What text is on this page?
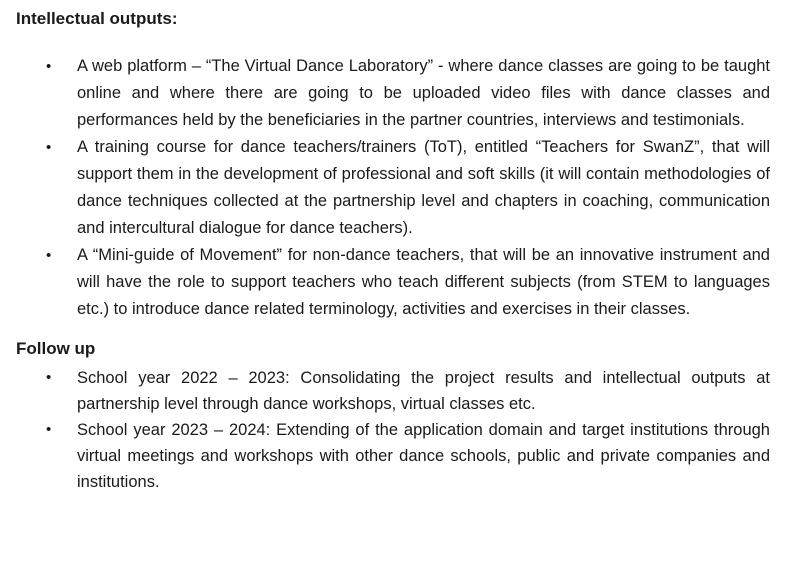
Intellectual outputs:
• A web platform – “The Virtual Dance Laboratory” - where dance classes are going to be taught online and where there are going to be uploaded video files with dance classes and performances held by the beneficiaries in the partner countries, interviews and testimonials.
• A training course for dance teachers/trainers (ToT), entitled “Teachers for SwanZ”, that will support them in the development of professional and soft skills (it will contain methodologies of dance techniques collected at the partnership level and chapters in coaching, communication and intercultural dialogue for dance teachers).
• A “Mini-guide of Movement” for non-dance teachers, that will be an innovative instrument and will have the role to support teachers who teach different subjects (from STEM to languages etc.) to introduce dance related terminology, activities and exercises in their classes.
Follow up
• School year 2022 – 2023: Consolidating the project results and intellectual outputs at partnership level through dance workshops, virtual classes etc.
• School year 2023 – 2024: Extending of the application domain and target institutions through virtual meetings and workshops with other dance schools, public and private companies and institutions.
